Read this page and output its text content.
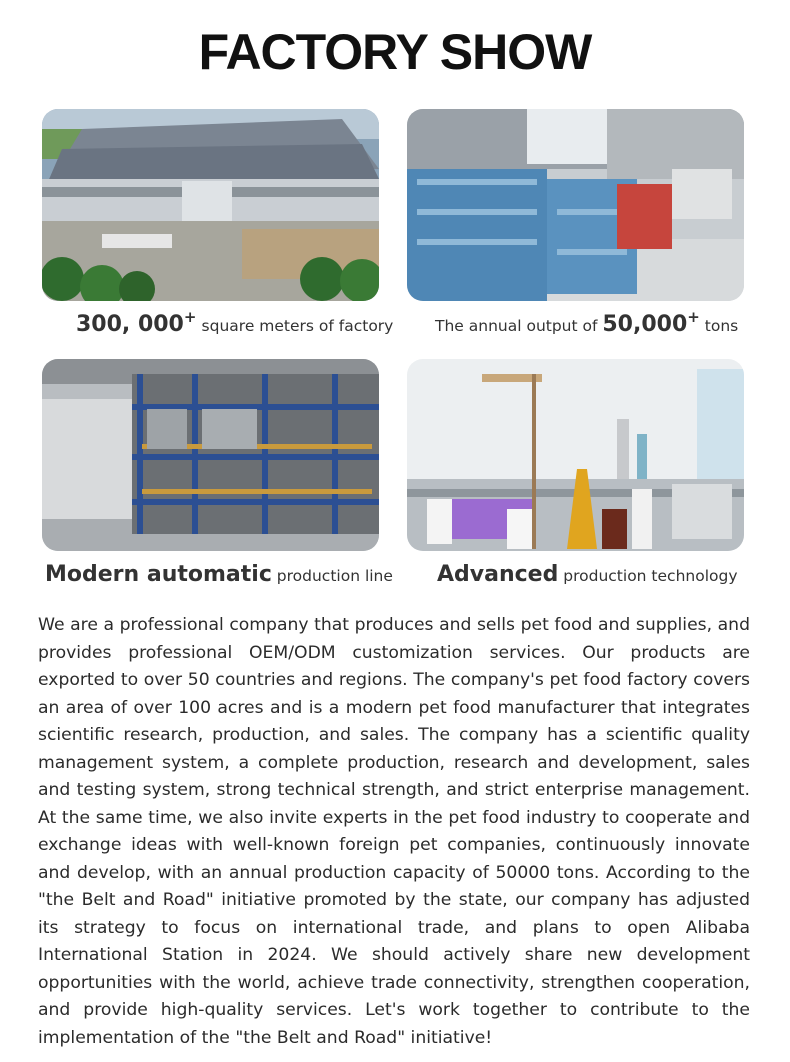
FACTORY SHOW
300, 000+ square meters of factory	The annual output of 50,000+ tons
Modern automatic production line Advanced production technology
We are a professional company that produces and sells pet food and supplies, and provides professional OEM/ODM customization services. Our products are exported to over 50 countries and regions. The company's pet food factory covers an area of over 100 acres and is a modern pet food manufacturer that integrates scientific research, production, and sales. The company has a scientific quality management system, a complete production, research and development, sales and testing system, strong technical strength, and strict enterprise management. At the same time, we also invite experts in the pet food industry to cooperate and exchange ideas with well-known foreign pet companies, continuously innovate and develop, with an annual production capacity of 50000 tons. According to the "the Belt and Road" initiative promoted by the state, our company has adjusted its strategy to focus on international trade, and plans to open Alibaba International Station in 2024. We should actively share new development opportunities with the world, achieve trade connectivity, strengthen cooperation, and provide high-quality services. Let's work together to contribute to the implementation of the "the Belt and Road" initiative!
